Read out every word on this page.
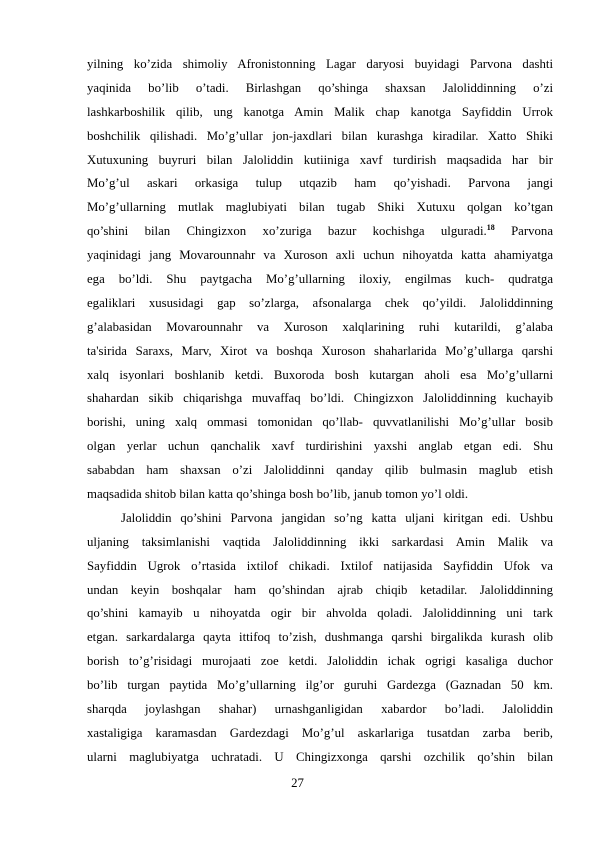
yilning ko’zida shimoliy Afronistonning Lagar daryosi buyidagi Parvona dashti
yaqinida bo’lib o’tadi. Birlashgan qo’shinga shaxsan Jaloliddinning o’zi
lashkarboshilik qilib, ung kanotga Amin Malik chap kanotga Sayfiddin Urrok
boshchilik qilishadi. Mo’g’ullar jon-jaxdlari bilan kurashga kiradilar. Xatto Shiki
Xutuxuning buyruri bilan Jaloliddin kutiiniga xavf turdirish maqsadida har bir
Mo’g’ul askari orkasiga tulup utqazib ham qo’yishadi. Parvona jangi
Mo’g’ullarning mutlak maglubiyati bilan tugab Shiki Xutuxu qolgan ko’tgan
qo’shini bilan Chingizxon xo’zuriga bazur kochishga ulguradi.$^{18}$ Parvona
yaqinidagi jang Movarounnahr va Xuroson axli uchun nihoyatda katta ahamiyatga
ega bo’ldi. Shu paytgacha Mo’g’ullarning iloxiy, engilmas kuch- qudratga
egaliklari xususidagi gap so’zlarga, afsonalarga chek qo’yildi. Jaloliddinning
g’alabasidan Movarounnahr va Xuroson xalqlarining ruhi kutarildi, g’alaba
ta'sirida Saraxs, Marv, Xirot va boshqa Xuroson shaharlarida Mo’g’ullarga qarshi
xalq isyonlari boshlanib ketdi. Buxoroda bosh kutargan aholi esa Mo’g’ullarni
shahardan sikib chiqarishga muvaffaq bo’ldi. Chingizxon Jaloliddinning kuchayib
borishi, uning xalq ommasi tomonidan qo’llab- quvvatlanilishi Mo’g’ullar bosib
olgan yerlar uchun qanchalik xavf turdirishini yaxshi anglab etgan edi. Shu
sababdan ham shaxsan o’zi Jaloliddinni qanday qilib bulmasin maglub etish
maqsadida shitob bilan katta qo’shinga bosh bo’lib, janub tomon yo’l oldi.
Jaloliddin qo’shini Parvona jangidan so’ng katta uljani kiritgan edi. Ushbu
uljaning taksimlanishi vaqtida Jaloliddinning ikki sarkardasi Amin Malik va
Sayfiddin Ugrok o’rtasida ixtilof chikadi. Ixtilof natijasida Sayfiddin Ufok va
undan keyin boshqalar ham qo’shindan ajrab chiqib ketadilar. Jaloliddinning
qo’shini kamayib u nihoyatda ogir bir ahvolda qoladi. Jaloliddinning uni tark
etgan. sarkardalarga qayta ittifoq to’zish, dushmanga qarshi birgalikda kurash olib
borish to’g’risidagi murojaati zoe ketdi. Jaloliddin ichak ogrigi kasaliga duchor
bo’lib turgan paytida Mo’g’ullarning ilg’or guruhi Gardezga (Gaznadan 50 km.
sharqda joylashgan shahar) urnashganligidan xabardor bo’ladi. Jaloliddin
xastaligiga karamasdan Gardezdagi Mo’g’ul askarlariga tusatdan zarba berib,
ularni maglubiyatga uchratadi. U Chingizxonga qarshi ozchilik qo’shin bilan
27
